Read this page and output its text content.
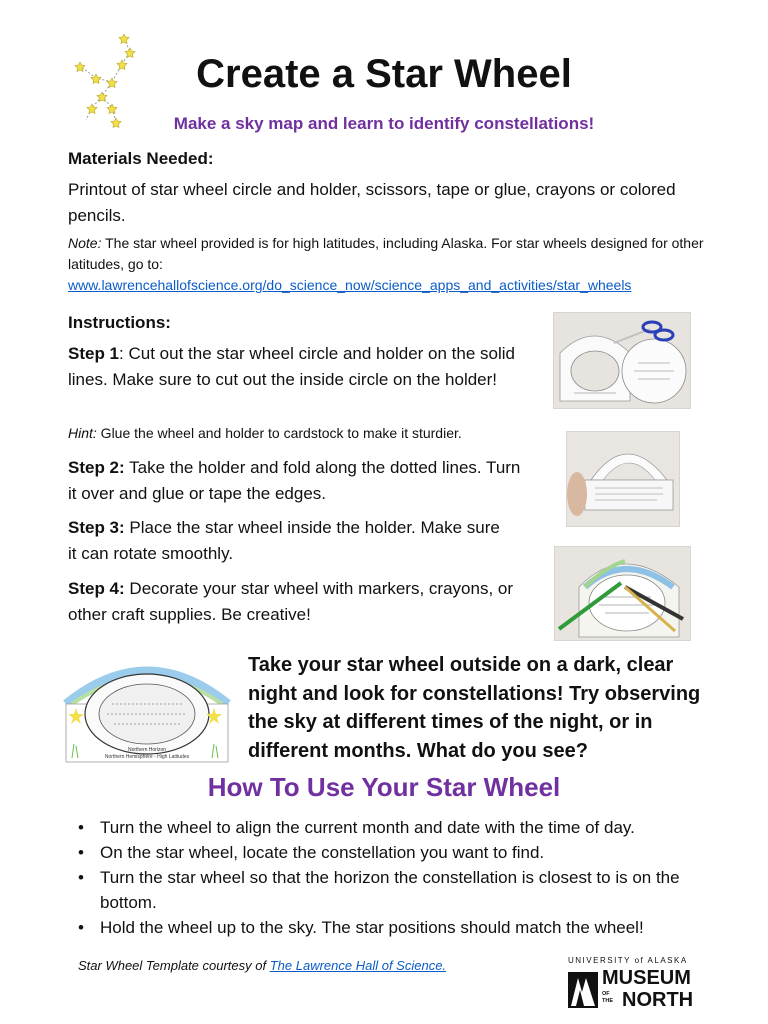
Create a Star Wheel
Make a sky map and learn to identify constellations!
Materials Needed:
Printout of star wheel circle and holder, scissors, tape or glue, crayons or colored pencils.
Note: The star wheel provided is for high latitudes, including Alaska. For star wheels designed for other latitudes, go to:
www.lawrencehallofscience.org/do_science_now/science_apps_and_activities/star_wheels
Instructions:
Step 1: Cut out the star wheel circle and holder on the solid lines. Make sure to cut out the inside circle on the holder!
Hint: Glue the wheel and holder to cardstock to make it sturdier.
Step 2: Take the holder and fold along the dotted lines. Turn it over and glue or tape the edges.
Step 3: Place the star wheel inside the holder. Make sure it can rotate smoothly.
Step 4: Decorate your star wheel with markers, crayons, or other craft supplies. Be creative!
Northern Horizon
Northern Hemisphere - High Latitudes
Take your star wheel outside on a dark, clear night and look for constellations! Try observing the sky at different times of the night, or in different months. What do you see?
How To Use Your Star Wheel
• Turn the wheel to align the current month and date with the time of day.
• On the star wheel, locate the constellation you want to find.
• Turn the star wheel so that the horizon the constellation is closest to is on the bottom.
• Hold the wheel up to the sky. The star positions should match the wheel!
Star Wheel Template courtesy of The Lawrence Hall of Science.	UNIVERSITY of ALASKA
MUSEUM
OF THE NORTH
